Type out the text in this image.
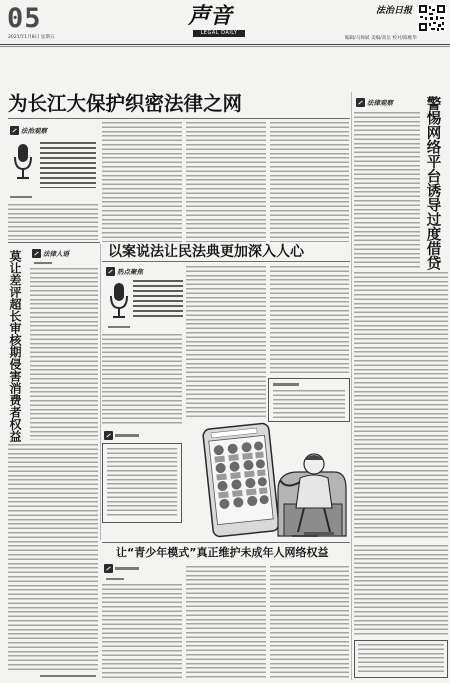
05
2021年1月8日 星期五
声音
LEGAL DAILY
法治日报
编辑/马帅斌 美编/高岳 校对/陈维华
为长江大保护织密法律之网
法治观察
法律观察 警惕网络平台诱导过度借贷
法律人语
莫让差评超长审核期侵害消费者权益	以案说法让民法典更加深入人心
热点聚焦
让“青少年模式”真正维护未成年人网络权益
